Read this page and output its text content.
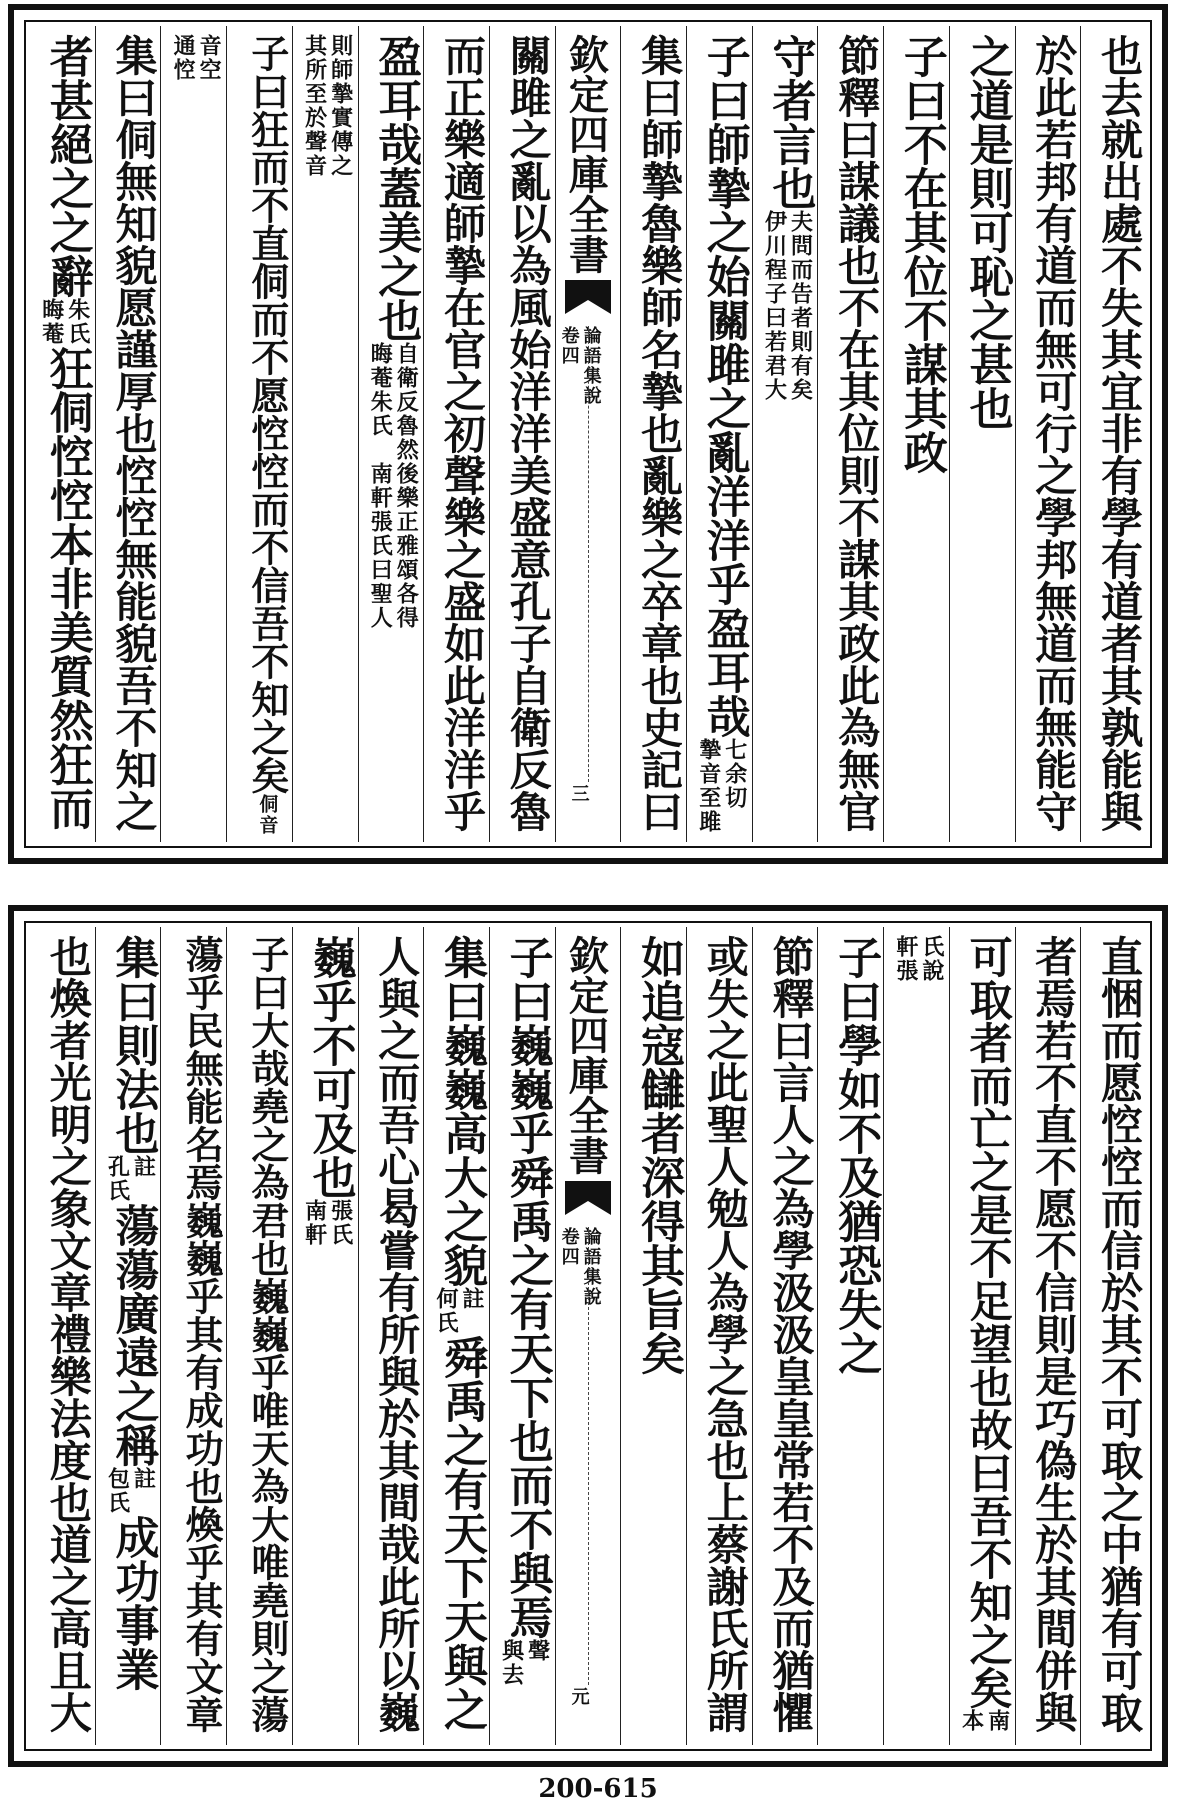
也去就出處不失其宜非有學有道者其孰能與
於此若邦有道而無可行之學邦無道而無能守
之道是則可恥之甚也
子曰不在其位不謀其政
節釋曰謀議也不在其位則不謀其政此為無官
守者言也
夫問而告者則有矣
伊川程子曰若君大
子曰師摯之始關雎之亂洋洋乎盈耳哉
七余切
摯音至雎
集曰師摯魯樂師名摯也亂樂之卒章也史記曰
欽定四庫全書
論語集說
卷四
三
關雎之亂以為風始洋洋美盛意孔子自衛反魯
而正樂適師摯在官之初聲樂之盛如此洋洋乎
盈耳哉蓋美之也
自衛反魯然後樂正雅頌各得
晦菴朱氏　南軒張氏曰聖人
則師摯實傳之
其所至於聲音
子曰狂而不直侗而不愿悾悾而不信吾不知之矣
侗音
音空
通悾
集曰侗無知貌愿謹厚也悾悾無能貌吾不知之
者甚絕之之辭
朱氏
晦菴
狂侗悾悾本非美質然狂而
直悃而愿悾悾而信於其不可取之中猶有可取
者焉若不直不愿不信則是巧偽生於其間併與
可取者而亡之是不足望也故曰吾不知之矣
南
本
氏說
軒張
子曰學如不及猶恐失之
節釋曰言人之為學汲汲皇皇常若不及而猶懼
或失之此聖人勉人為學之急也上蔡謝氏所謂
如追寇讎者深得其旨矣
欽定四庫全書
論語集說
卷四
元
子曰巍巍乎舜禹之有天下也而不與焉
聲
與去
集曰巍巍高大之貌
註
何氏
舜禹之有天下天與之
人與之而吾心曷嘗有所與於其間哉此所以巍
巍乎不可及也
張氏
南軒
子曰大哉堯之為君也巍巍乎唯天為大唯堯則之蕩
蕩乎民無能名焉巍巍乎其有成功也煥乎其有文章
集曰則法也
註
孔氏
蕩蕩廣遠之稱
註
包氏
成功事業
也煥者光明之象文章禮樂法度也道之高且大
200-615
